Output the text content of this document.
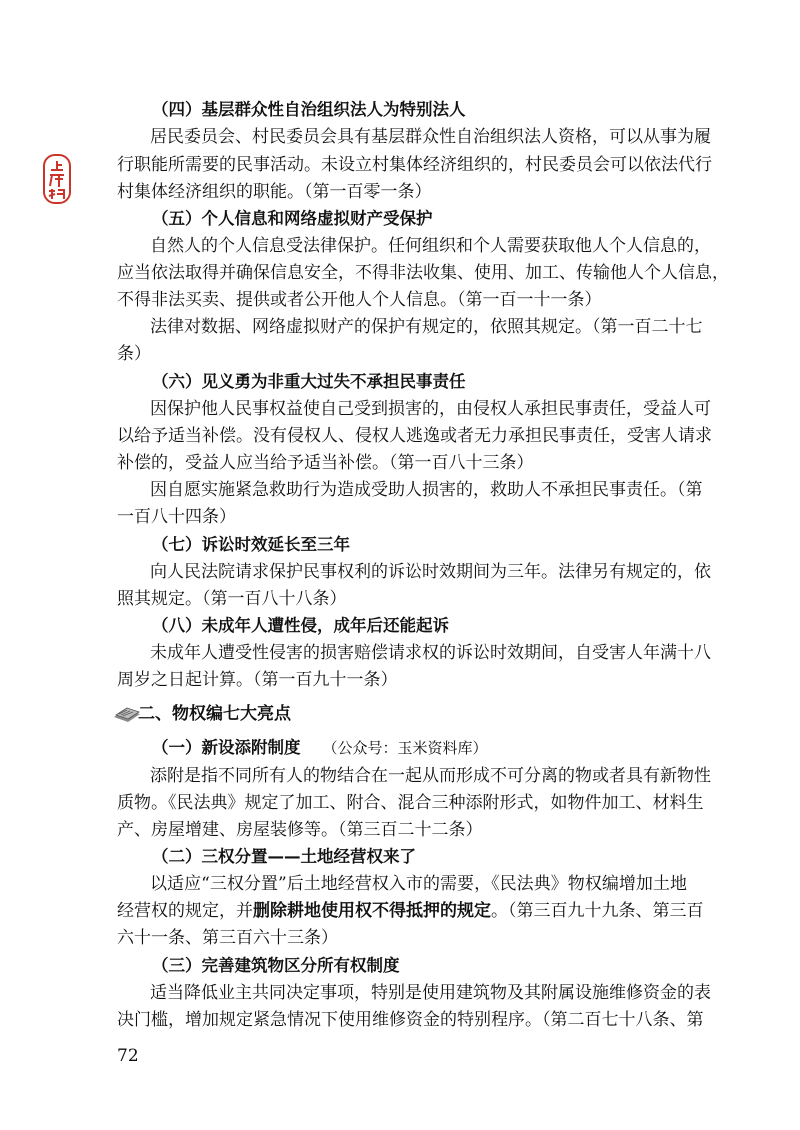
（四）基层群众性自治组织法人为特别法人
居民委员会、村民委员会具有基层群众性自治组织法人资格，可以从事为履
行职能所需要的民事活动。未设立村集体经济组织的，村民委员会可以依法代行
村集体经济组织的职能。（第一百零一条）
（五）个人信息和网络虚拟财产受保护
自然人的个人信息受法律保护。任何组织和个人需要获取他人个人信息的，
应当依法取得并确保信息安全，不得非法收集、使用、加工、传输他人个人信息，
不得非法买卖、提供或者公开他人个人信息。（第一百一十一条）
法律对数据、网络虚拟财产的保护有规定的，依照其规定。（第一百二十七
条）
（六）见义勇为非重大过失不承担民事责任
因保护他人民事权益使自己受到损害的，由侵权人承担民事责任，受益人可
以给予适当补偿。没有侵权人、侵权人逃逸或者无力承担民事责任，受害人请求
补偿的，受益人应当给予适当补偿。（第一百八十三条）
因自愿实施紧急救助行为造成受助人损害的，救助人不承担民事责任。（第
一百八十四条）
（七）诉讼时效延长至三年
向人民法院请求保护民事权利的诉讼时效期间为三年。法律另有规定的，依
照其规定。（第一百八十八条）
（八）未成年人遭性侵，成年后还能起诉
未成年人遭受性侵害的损害赔偿请求权的诉讼时效期间，自受害人年满十八
周岁之日起计算。（第一百九十一条）
二、物权编七大亮点
（一）新设添附制度 （公众号：玉米资料库）
添附是指不同所有人的物结合在一起从而形成不可分离的物或者具有新物性
质物。《民法典》规定了加工、附合、混合三种添附形式，如物件加工、材料生
产、房屋增建、房屋装修等。（第三百二十二条）
（二）三权分置——土地经营权来了
以适应“三权分置”后土地经营权入市的需要，《民法典》物权编增加土地
经营权的规定，并删除耕地使用权不得抵押的规定。（第三百九十九条、第三百
六十一条、第三百六十三条）
（三）完善建筑物区分所有权制度
适当降低业主共同决定事项，特别是使用建筑物及其附属设施维修资金的表
决门槛，增加规定紧急情况下使用维修资金的特别程序。（第二百七十八条、第
72
